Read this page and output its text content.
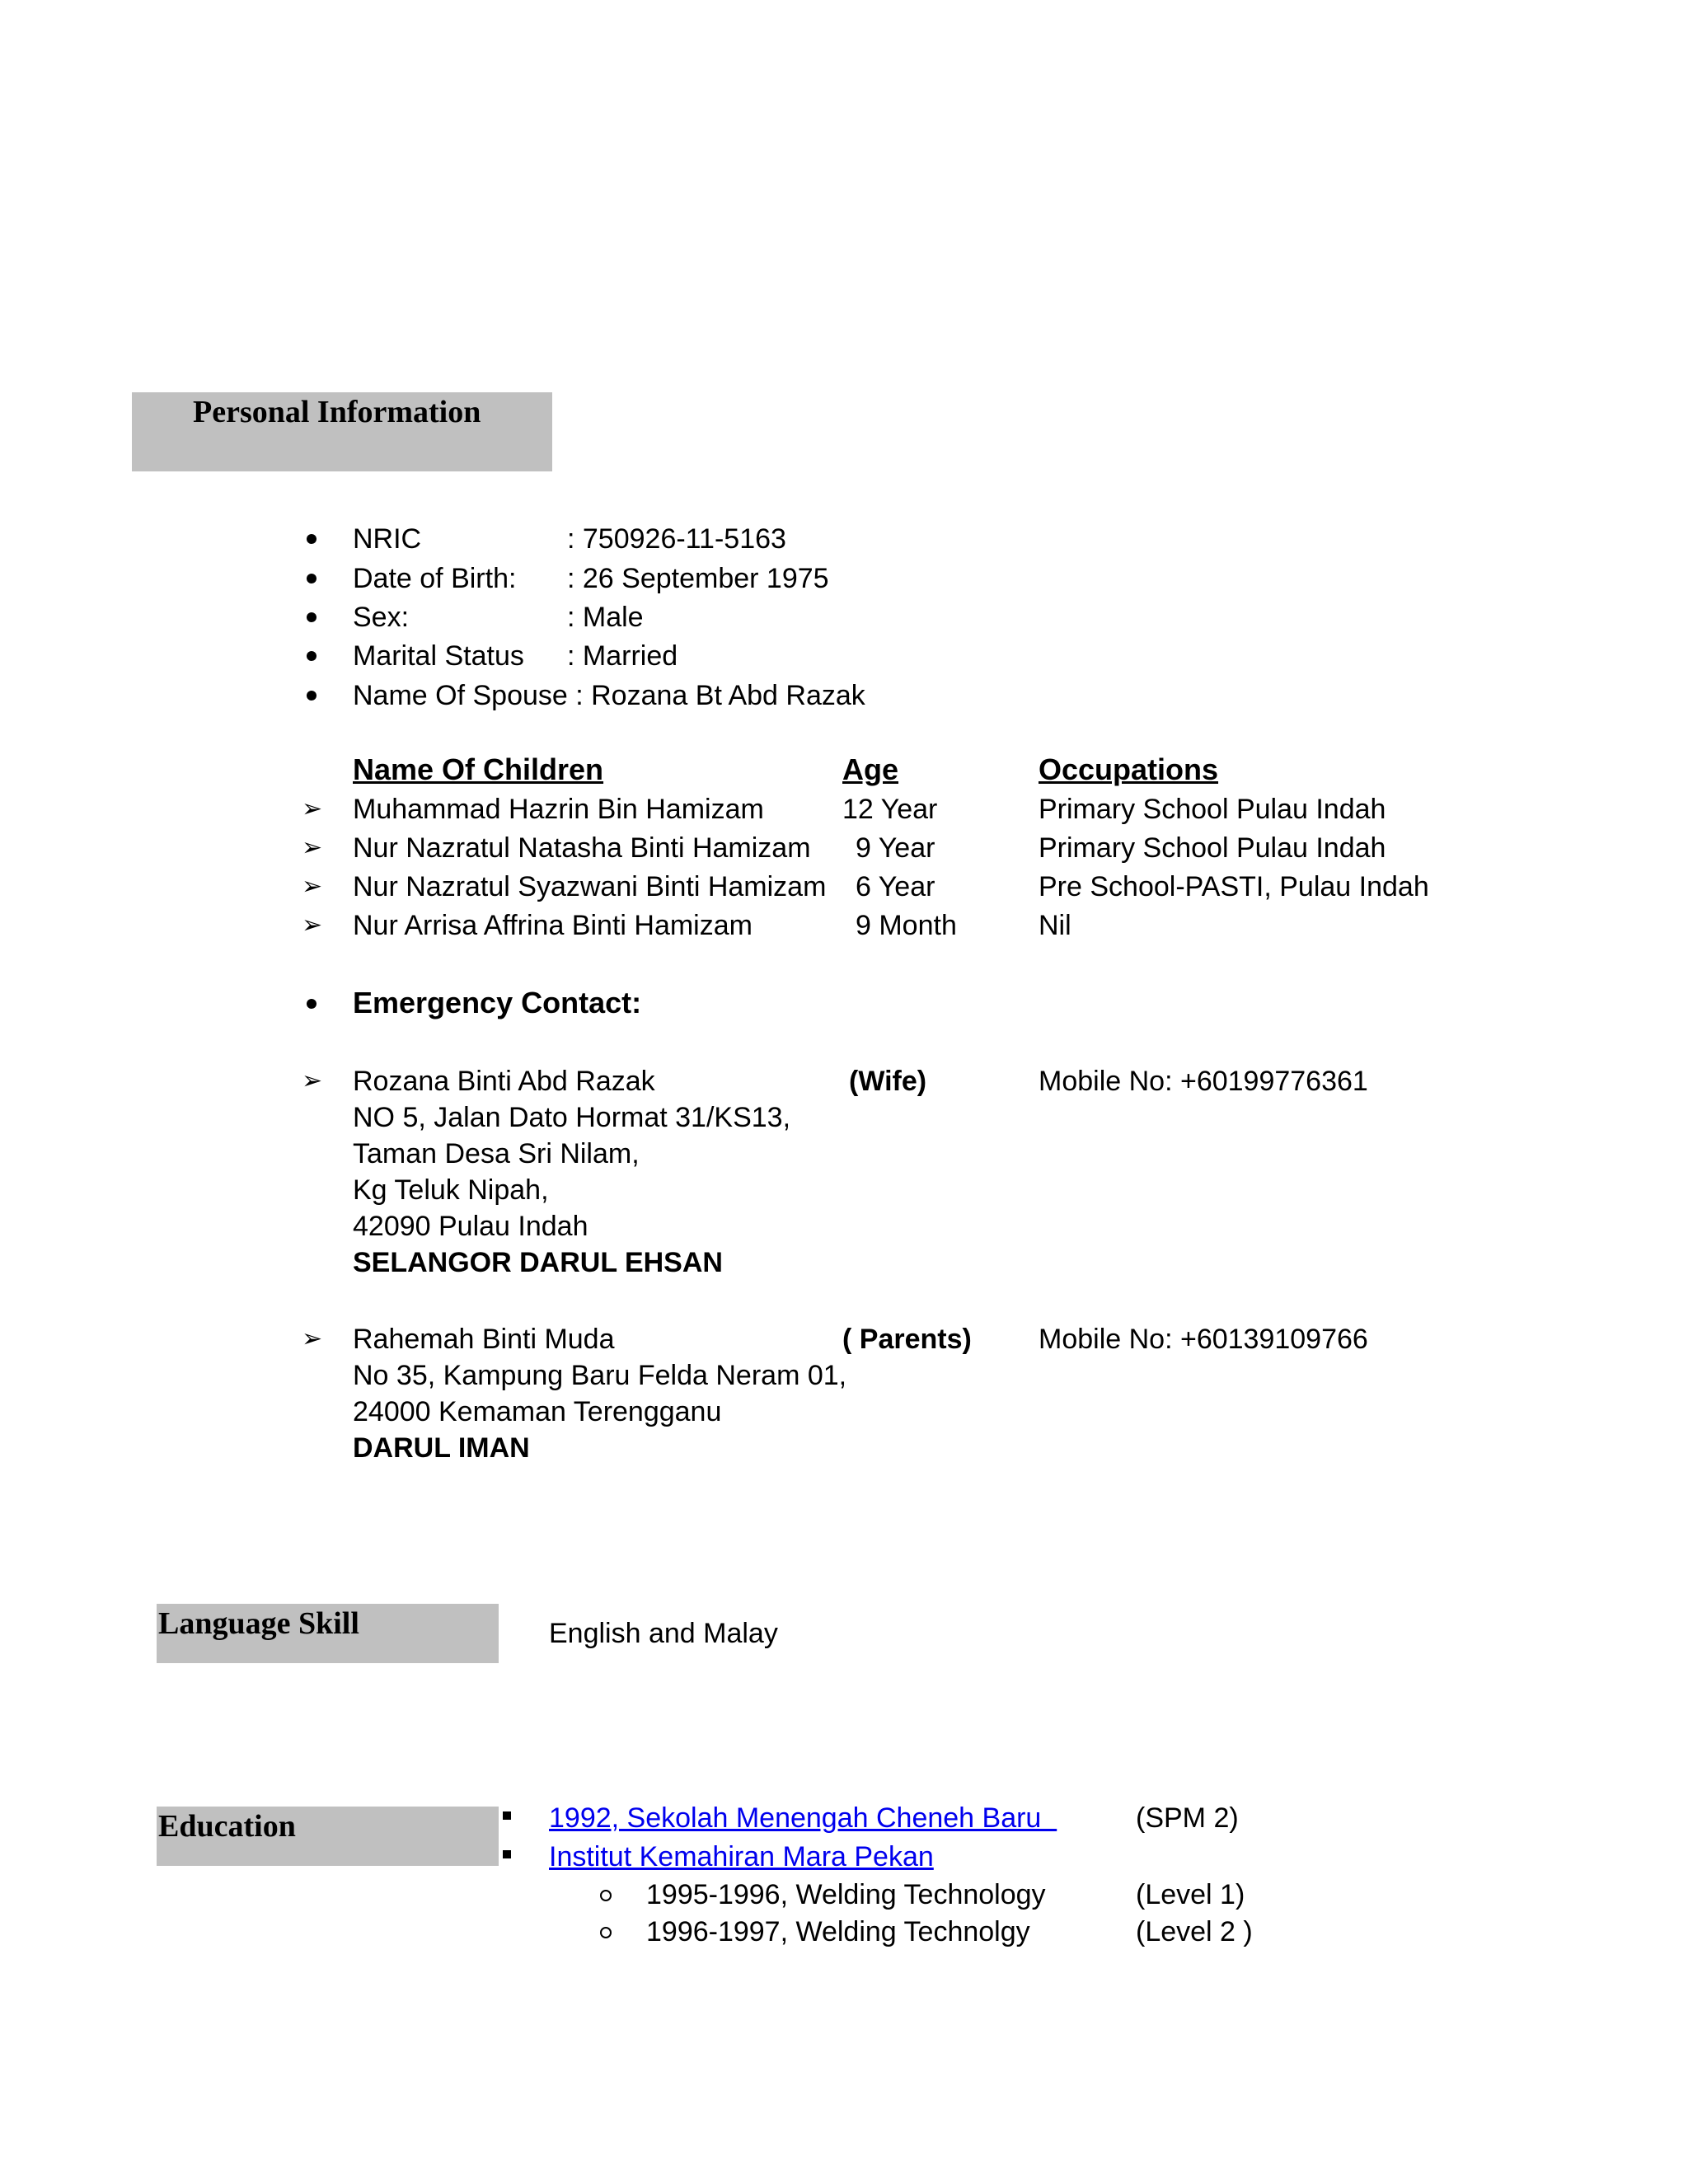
Personal Information
NRIC	: 750926-11-5163
Date of Birth: : 26 September 1975
Sex:	: Male
Marital Status : Married
Name Of Spouse : Rozana Bt Abd Razak
Name Of Children	Age	Occupations
➢ Muhammad Hazrin Bin Hamizam	12 Year	Primary School Pulau Indah
➢ Nur Nazratul Natasha Binti Hamizam 9 Year	Primary School Pulau Indah
➢ Nur Nazratul Syazwani Binti Hamizam 6 Year	Pre School-PASTI, Pulau Indah
➢ Nur Arrisa Affrina Binti Hamizam	9 Month	Nil
Emergency Contact:
➢ Rozana Binti Abd Razak	(Wife)	Mobile No: +60199776361
NO 5, Jalan Dato Hormat 31/KS13,
Taman Desa Sri Nilam,
Kg Teluk Nipah,
42090 Pulau Indah
SELANGOR DARUL EHSAN
➢ Rahemah Binti Muda	( Parents) Mobile No: +60139109766
No 35, Kampung Baru Felda Neram 01,
24000 Kemaman Terengganu
DARUL IMAN
Language Skill	English and Malay
Education	1992, Sekolah Menengah Cheneh Baru	(SPM 2)
Institut Kemahiran Mara Pekan
1995-1996, Welding Technology	(Level 1)
1996-1997, Welding Technolgy	(Level 2 )
